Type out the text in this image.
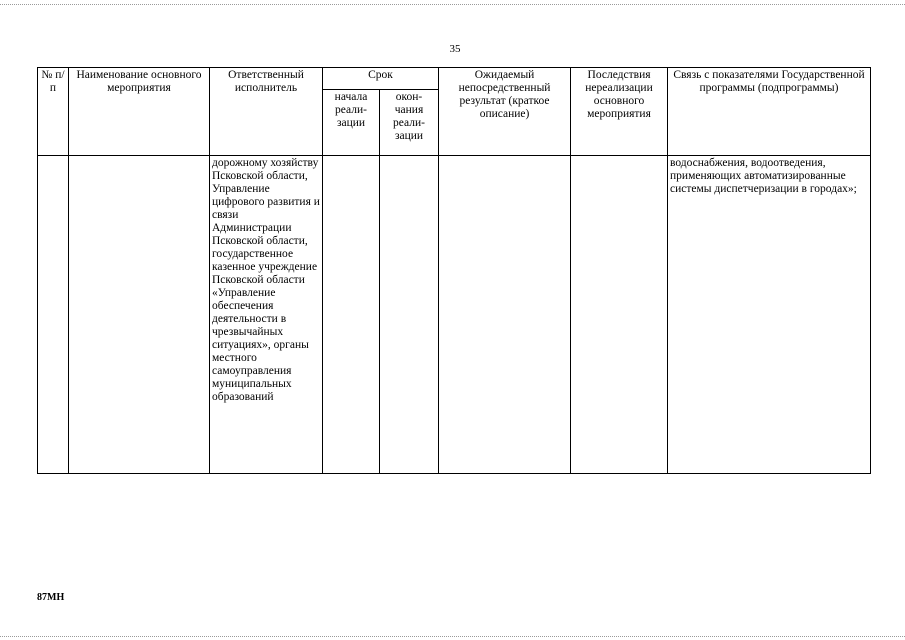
35
№ п/п	Наименование основного мероприятия	Ответственный исполнитель	Срок		Ожидаемый непосредственный результат (краткое описание)	Последствия нереализации основного мероприятия	Связь с показателями Государственной программы (подпрограммы)
			начала реали-зации	окон-чания реали-зации			
		дорожному хозяйству Псковской области, Управление цифрового развития и связи Администрации Псковской области, государственное казенное учреждение Псковской области «Управление обеспечения деятельности в чрезвычайных ситуациях», органы местного самоуправления муниципальных образований					водоснабжения, водоотведения, применяющих автоматизированные системы диспетчеризации в городах»;
87МН
